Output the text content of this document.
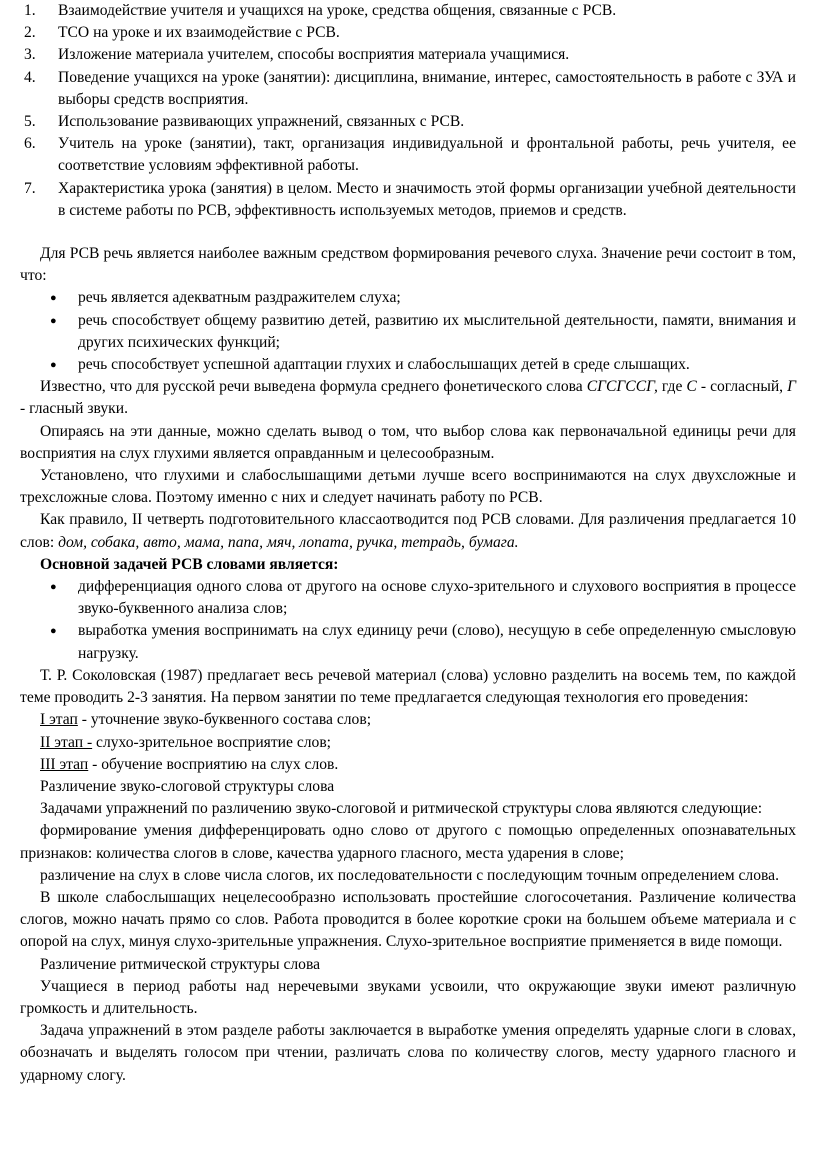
1.	Взаимодействие учителя и учащихся на уроке, средства общения, связанные с РСВ.
2.	ТСО на уроке и их взаимодействие с РСВ.
3.	Изложение материала учителем, способы восприятия материала учащимися.
4.	Поведение учащихся на уроке (занятии): дисциплина, внимание, интерес, самостоятельность в работе с ЗУА и выборы средств восприятия.
5.	Использование развивающих упражнений, связанных с РСВ.
6.	Учитель на уроке (занятии), такт, организация индивидуальной и фронтальной работы, речь учителя, ее соответствие условиям эффективной работы.
7.	Характеристика урока (занятия) в целом. Место и значимость этой формы организации учебной деятельности в системе работы по РСВ, эффективность используемых методов, приемов и средств.

Для РСВ речь является наиболее важным средством формирования речевого слуха. Значение речи состоит в том, что:

●	речь является адекватным раздражителем слуха;
●	речь способствует общему развитию детей, развитию их мыслительной деятельности, памяти, внимания и других психических функций;
●	речь способствует успешной адаптации глухих и слабослышащих детей в среде слышащих.

Известно, что для русской речи выведена формула среднего фонетического слова СГСГССГ, где С - согласный, Г - гласный звуки.

Опираясь на эти данные, можно сделать вывод о том, что выбор слова как первоначальной единицы речи для восприятия на слух глухими является оправданным и целесообразным.

Установлено, что глухими и слабослышащими детьми лучше всего воспринимаются на слух двухсложные и трехсложные слова. Поэтому именно с них и следует начинать работу по РСВ.

Как правило, II четверть подготовительного классаотводится под РСВ словами. Для различения предлагается 10 слов: дом, собака, авто, мама, папа, мяч, лопата, ручка, тетрадь, бумага.

Основной задачей РСВ словами является:

●	дифференциация одного слова от другого на основе слухо-зрительного и слухового восприятия в процессе звуко-буквенного анализа слов;
●	выработка умения воспринимать на слух единицу речи (слово), несущую в себе определенную смысловую нагрузку.

Т. Р. Соколовская (1987) предлагает весь речевой материал (слова) условно разделить на восемь тем, по каждой теме проводить 2-3 занятия. На первом занятии по теме предлагается следующая технология его проведения:

I этап - уточнение звуко-буквенного состава слов;

II этап - слухо-зрительное восприятие слов;

III этап - обучение восприятию на слух слов.

Различение звуко-слоговой структуры слова

Задачами упражнений по различению звуко-слоговой и ритмической структуры слова являются следующие:

формирование умения дифференцировать одно слово от другого с помощью определенных опознавательных признаков: количества слогов в слове, качества ударного гласного, места ударения в слове;

различение на слух в слове числа слогов, их последовательности с последующим точным определением слова.

В школе слабослышащих нецелесообразно использовать простейшие слогосочетания. Различение количества слогов, можно начать прямо со слов. Работа проводится в более короткие сроки на большем объеме материала и с опорой на слух, минуя слухо-зрительные упражнения. Слухо-зрительное восприятие применяется в виде помощи.

Различение ритмической структуры слова

Учащиеся в период работы над неречевыми звуками усвоили, что окружающие звуки имеют различную громкость и длительность.

Задача упражнений в этом разделе работы заключается в выработке умения определять ударные слоги в словах, обозначать и выделять голосом при чтении, различать слова по количеству слогов, месту ударного гласного и ударному слогу.
